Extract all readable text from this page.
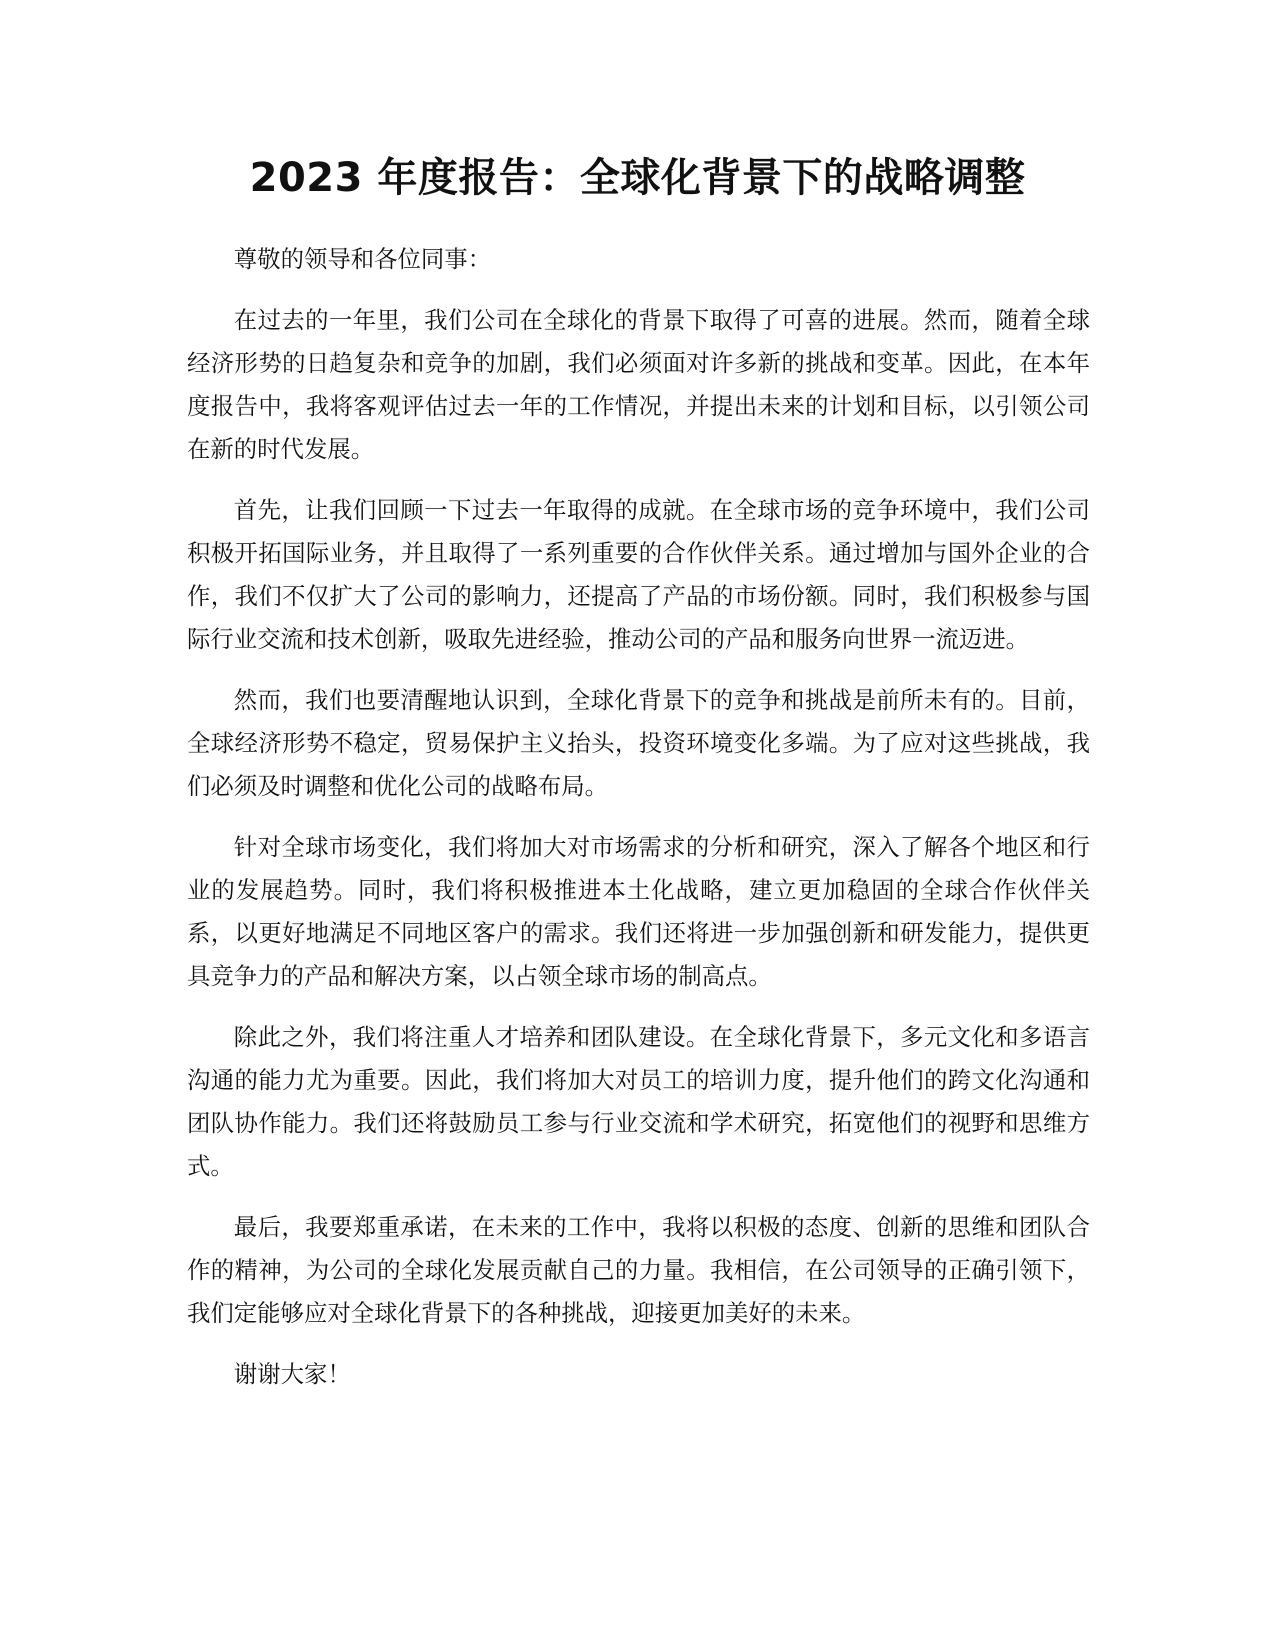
2023 年度报告：全球化背景下的战略调整

尊敬的领导和各位同事：

在过去的一年里，我们公司在全球化的背景下取得了可喜的进展。然而，随着全球经济形势的日趋复杂和竞争的加剧，我们必须面对许多新的挑战和变革。因此，在本年度报告中，我将客观评估过去一年的工作情况，并提出未来的计划和目标，以引领公司在新的时代发展。

首先，让我们回顾一下过去一年取得的成就。在全球市场的竞争环境中，我们公司积极开拓国际业务，并且取得了一系列重要的合作伙伴关系。通过增加与国外企业的合作，我们不仅扩大了公司的影响力，还提高了产品的市场份额。同时，我们积极参与国际行业交流和技术创新，吸取先进经验，推动公司的产品和服务向世界一流迈进。

然而，我们也要清醒地认识到，全球化背景下的竞争和挑战是前所未有的。目前，全球经济形势不稳定，贸易保护主义抬头，投资环境变化多端。为了应对这些挑战，我们必须及时调整和优化公司的战略布局。

针对全球市场变化，我们将加大对市场需求的分析和研究，深入了解各个地区和行业的发展趋势。同时，我们将积极推进本土化战略，建立更加稳固的全球合作伙伴关系，以更好地满足不同地区客户的需求。我们还将进一步加强创新和研发能力，提供更具竞争力的产品和解决方案，以占领全球市场的制高点。

除此之外，我们将注重人才培养和团队建设。在全球化背景下，多元文化和多语言沟通的能力尤为重要。因此，我们将加大对员工的培训力度，提升他们的跨文化沟通和团队协作能力。我们还将鼓励员工参与行业交流和学术研究，拓宽他们的视野和思维方式。

最后，我要郑重承诺，在未来的工作中，我将以积极的态度、创新的思维和团队合作的精神，为公司的全球化发展贡献自己的力量。我相信，在公司领导的正确引领下，我们定能够应对全球化背景下的各种挑战，迎接更加美好的未来。

谢谢大家！
